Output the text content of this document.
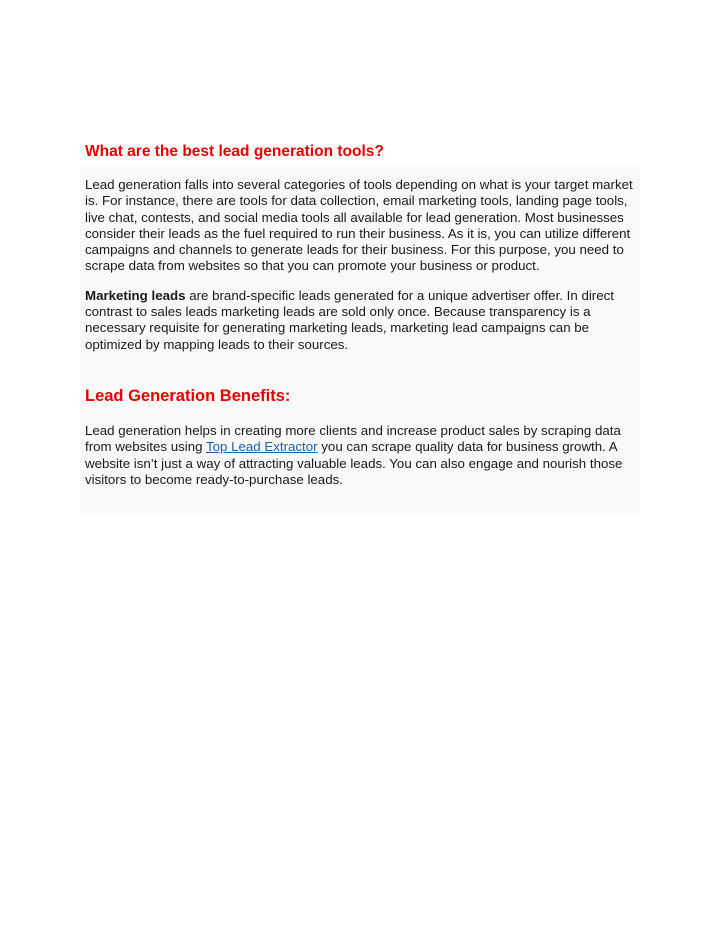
What are the best lead generation tools?

Lead generation falls into several categories of tools depending on what is your target market is. For instance, there are tools for data collection, email marketing tools, landing page tools, live chat, contests, and social media tools all available for lead generation. Most businesses consider their leads as the fuel required to run their business. As it is, you can utilize different campaigns and channels to generate leads for their business. For this purpose, you need to scrape data from websites so that you can promote your business or product.

Marketing leads are brand-specific leads generated for a unique advertiser offer. In direct contrast to sales leads marketing leads are sold only once. Because transparency is a necessary requisite for generating marketing leads, marketing lead campaigns can be optimized by mapping leads to their sources.

Lead Generation Benefits:

Lead generation helps in creating more clients and increase product sales by scraping data from websites using Top Lead Extractor you can scrape quality data for business growth. A website isn’t just a way of attracting valuable leads. You can also engage and nourish those visitors to become ready-to-purchase leads.
